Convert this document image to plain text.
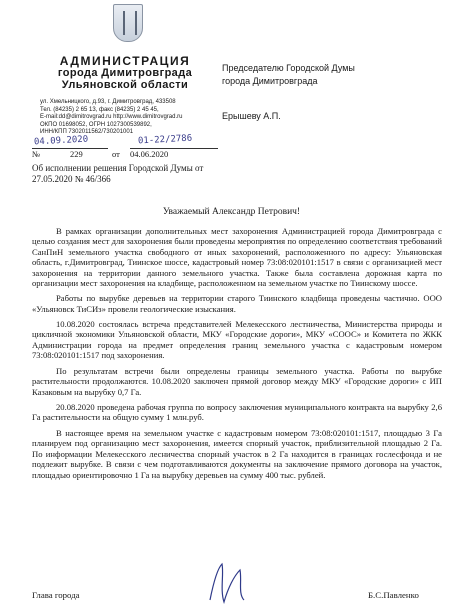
АДМИНИСТРАЦИЯ
города Димитровграда
Ульяновской области
ул. Хмельницкого, д.93, г. Димитровград, 433508
Тел. (84235) 2 65 13, факс (84235) 2 45 45,
E-mail:dd@dimitrovgrad.ru http://www.dimitrovgrad.ru
ОКПО 01698052, ОГРН 1027300539892,
ИНН/КПП 7302011562/730201001
Председателю Городской Думы
города Димитровграда
Ерышеву А.П.
04.09.2020	01-22/2786
№	229	от 04.06.2020
Об исполнении решения Городской Думы от 27.05.2020 № 46/366
Уважаемый Александр Петрович!

В рамках организации дополнительных мест захоронения Администрацией города Димитровграда с целью создания мест для захоронения были проведены мероприятия по определению соответствия требований СанПиН земельного участка свободного от иных захоронений, расположенного по адресу: Ульяновская область, г.Димитровград, Тиинское шоссе, кадастровый номер 73:08:020101:1517 в связи с организацией мест захоронения на территории данного земельного участка. Также была составлена дорожная карта по организации мест захоронения на кладбище, расположенном на земельном участке по Тиинскому шоссе.

Работы по вырубке деревьев на территории старого Тиинского кладбища проведены частично. ООО «Ульяновск ТиСИз» провели геологические изыскания.

10.08.2020 состоялась встреча представителей Мелекесского лестничества, Министерства природы и цикличной экономики Ульяновской области, МКУ «Городские дороги», МКУ «СООС» и Комитета по ЖКК Администрации города на предмет определения границ земельного участка с кадастровым номером 73:08:020101:1517 под захоронения.

По результатам встречи были определены границы земельного участка. Работы по вырубке растительности продолжаются. 10.08.2020 заключен прямой договор между МКУ «Городские дороги» с ИП Казаковым на вырубку 0,7 Га.

20.08.2020 проведена рабочая группа по вопросу заключения муниципального контракта на вырубку 2,6 Га растительности на общую сумму 1 млн.руб.

В настоящее время на земельном участке с кадастровым номером 73:08:020101:1517, площадью 3 Га планируем под организацию мест захоронения, имеется спорный участок, приблизительной площадью 2 Га. По информации Мелекесского лесничества спорный участок в 2 Га находится в границах гослесфонда и не подлежит вырубке. В связи с чем подготавливаются документы на заключение прямого договора на участок, площадью ориентировочно 1 Га на вырубку деревьев на сумму 400 тыс. рублей.

Глава города	Б.С.Павленко
